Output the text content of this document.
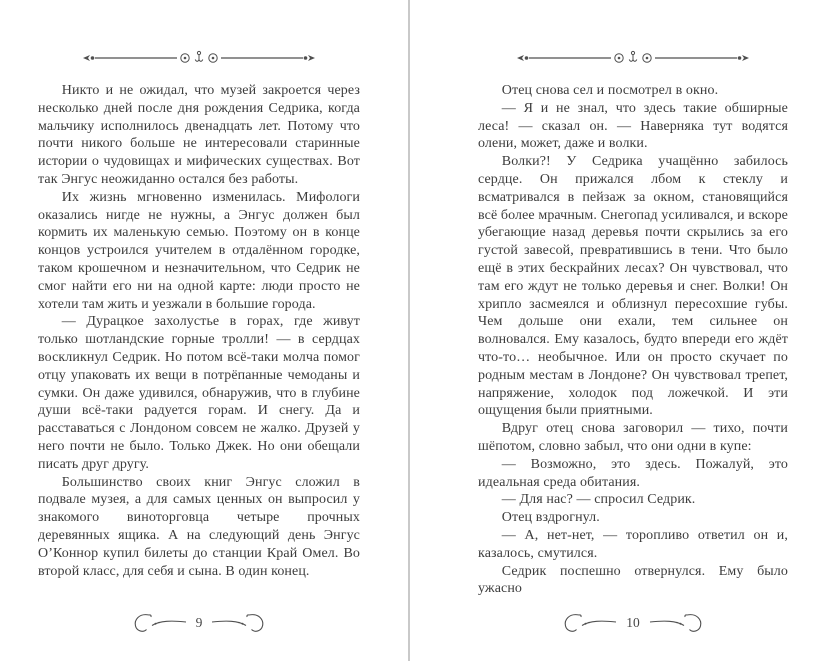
Никто и не ожидал, что музей закроется через несколько дней после дня рождения Седрика, когда мальчику исполнилось двенадцать лет. Потому что почти никого больше не интересовали старинные истории о чудовищах и мифических существах. Вот так Энгус неожиданно остался без работы.

Их жизнь мгновенно изменилась. Мифологи оказались нигде не нужны, а Энгус должен был кормить их маленькую семью. Поэтому он в конце концов устроился учителем в отдалённом городке, таком крошечном и незначительном, что Седрик не смог найти его ни на одной карте: люди просто не хотели там жить и уезжали в большие города.

— Дурацкое захолустье в горах, где живут только шотландские горные тролли! — в сердцах воскликнул Седрик. Но потом всё-таки молча помог отцу упаковать их вещи в потрёпанные чемоданы и сумки. Он даже удивился, обнаружив, что в глубине души всё-таки радуется горам. И снегу. Да и расставаться с Лондоном совсем не жалко. Друзей у него почти не было. Только Джек. Но они обещали писать друг другу.

Большинство своих книг Энгус сложил в подвале музея, а для самых ценных он выпросил у знакомого виноторговца четыре прочных деревянных ящика. А на следующий день Энгус О’Коннор купил билеты до станции Край Омел. Во второй класс, для себя и сына. В один конец.

9

Отец снова сел и посмотрел в окно.

— Я и не знал, что здесь такие обширные леса! — сказал он. — Наверняка тут водятся олени, может, даже и волки.

Волки?! У Седрика учащённо забилось сердце. Он прижался лбом к стеклу и всматривался в пейзаж за окном, становящийся всё более мрачным. Снегопад усиливался, и вскоре убегающие назад деревья почти скрылись за его густой завесой, превратившись в тени. Что было ещё в этих бескрайних лесах? Он чувствовал, что там его ждут не только деревья и снег. Волки! Он хрипло засмеялся и облизнул пересохшие губы. Чем дольше они ехали, тем сильнее он волновался. Ему казалось, будто впереди его ждёт что-то… необычное. Или он просто скучает по родным местам в Лондоне? Он чувствовал трепет, напряжение, холодок под ложечкой. И эти ощущения были приятными.

Вдруг отец снова заговорил — тихо, почти шёпотом, словно забыл, что они одни в купе:

— Возможно, это здесь. Пожалуй, это идеальная среда обитания.

— Для нас? — спросил Седрик.

Отец вздрогнул.

— А, нет-нет, — торопливо ответил он и, казалось, смутился.

Седрик поспешно отвернулся. Ему было ужасно

10
